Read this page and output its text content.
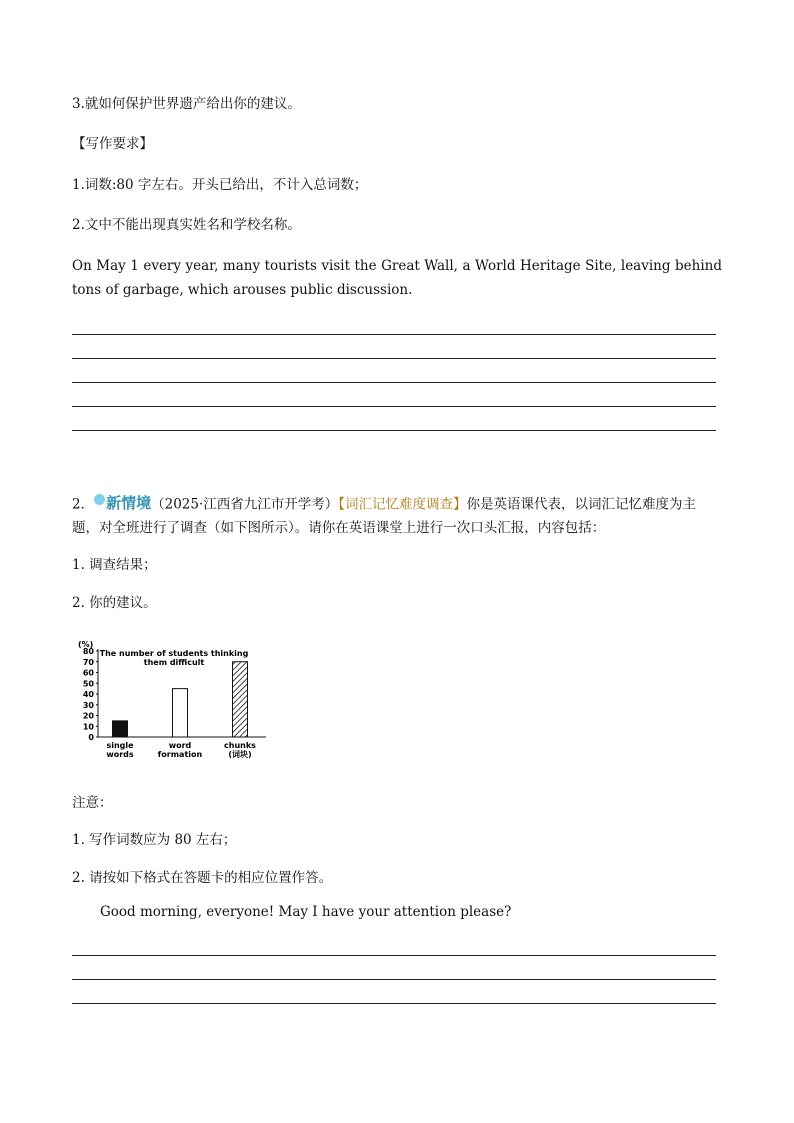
3.就如何保护世界遗产给出你的建议。
【写作要求】
1.词数:80 字左右。开头已给出，不计入总词数；
2.文中不能出现真实姓名和学校名称。
On May 1 every year, many tourists visit the Great Wall, a World Heritage Site, leaving behind tons of garbage, which arouses public discussion.
2． 新情境 （2025·江西省九江市开学考）【词汇记忆难度调查】你是英语课代表，以词汇记忆难度为主
题，对全班进行了调查（如下图所示）。请你在英语课堂上进行一次口头汇报，内容包括：
1. 调查结果；
2. 你的建议。
(%)
The number of students thinking
them difficult
0
10
20
30
40
50
60
70
80
single
words
word
formation
chunks
(词块)
注意：
1. 写作词数应为 80 左右；
2. 请按如下格式在答题卡的相应位置作答。
Good morning, everyone! May I have your attention please?
